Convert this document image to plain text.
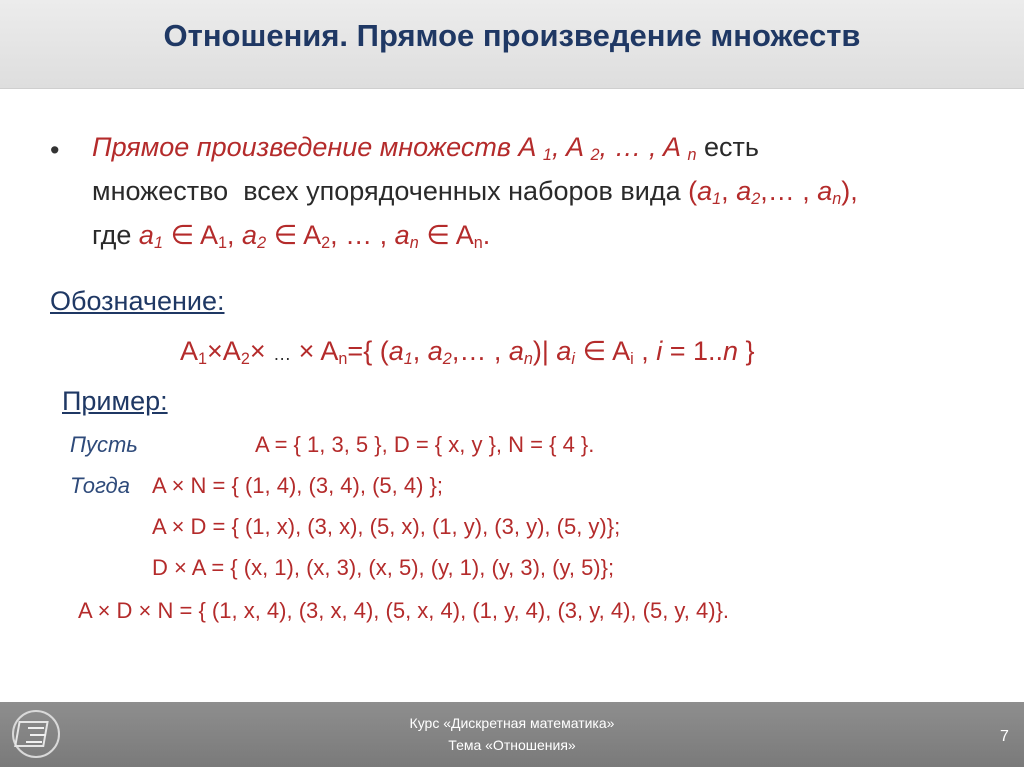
Отношения. Прямое произведение множеств
• Прямое произведение множеств A $_1$, A $_2$, … , A $_n$ есть
множество  всех упорядоченных наборов вида ($a_1$, $a_2,\dots$ , $a_n$),
где $a_1$ ∈ $A_1$, $a_2$ ∈ $A_2$, … , $a_n$ ∈ $A_n$.
Обозначение:
$A_1\times A_2\times$ … × $A_n=${ ($a_1$, $a_2,\dots$ , $a_n)|$ $a_i$ ∈ $A_i$ , i = 1..n }
Пример:
Пусть	A = { 1, 3, 5 }, D = { x, y }, N = { 4 }.
Тогда A × N = { (1, 4), (3, 4), (5, 4) };
A × D = { (1, x), (3, x), (5, x), (1, y), (3, y), (5, y)};
D × A = { (x, 1), (x, 3), (x, 5), (y, 1), (y, 3), (y, 5)};
A × D × N = { (1, x, 4), (3, x, 4), (5, x, 4), (1, y, 4), (3, y, 4), (5, y, 4)}.
Курс «Дискретная математика»
Тема «Отношения»	7
